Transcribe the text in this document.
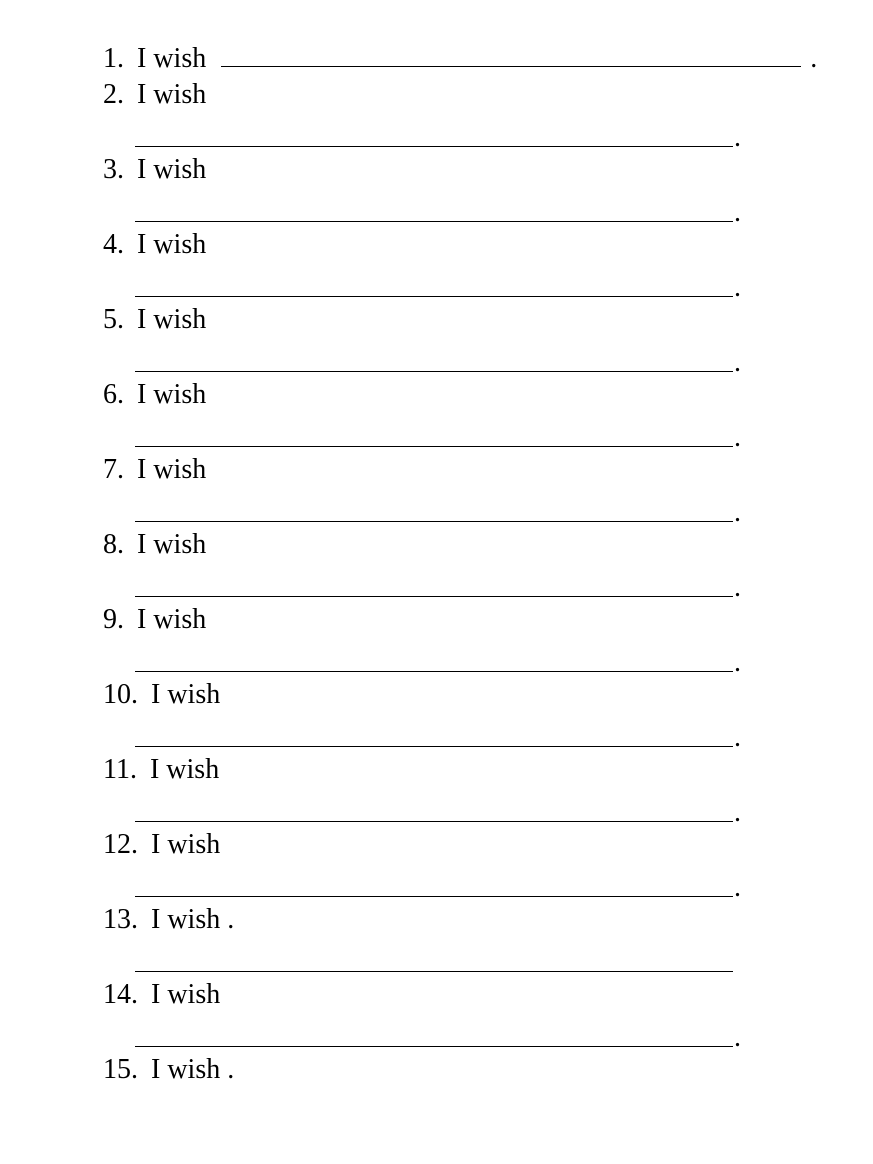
1. I wish	.
2. I wish
.
3. I wish
.
4. I wish
.
5. I wish
.
6. I wish
.
7. I wish
.
8. I wish
.
9. I wish
.
10. I wish
.
11. I wish
.
12. I wish
.
13. I wish .
14. I wish
.
15. I wish .
